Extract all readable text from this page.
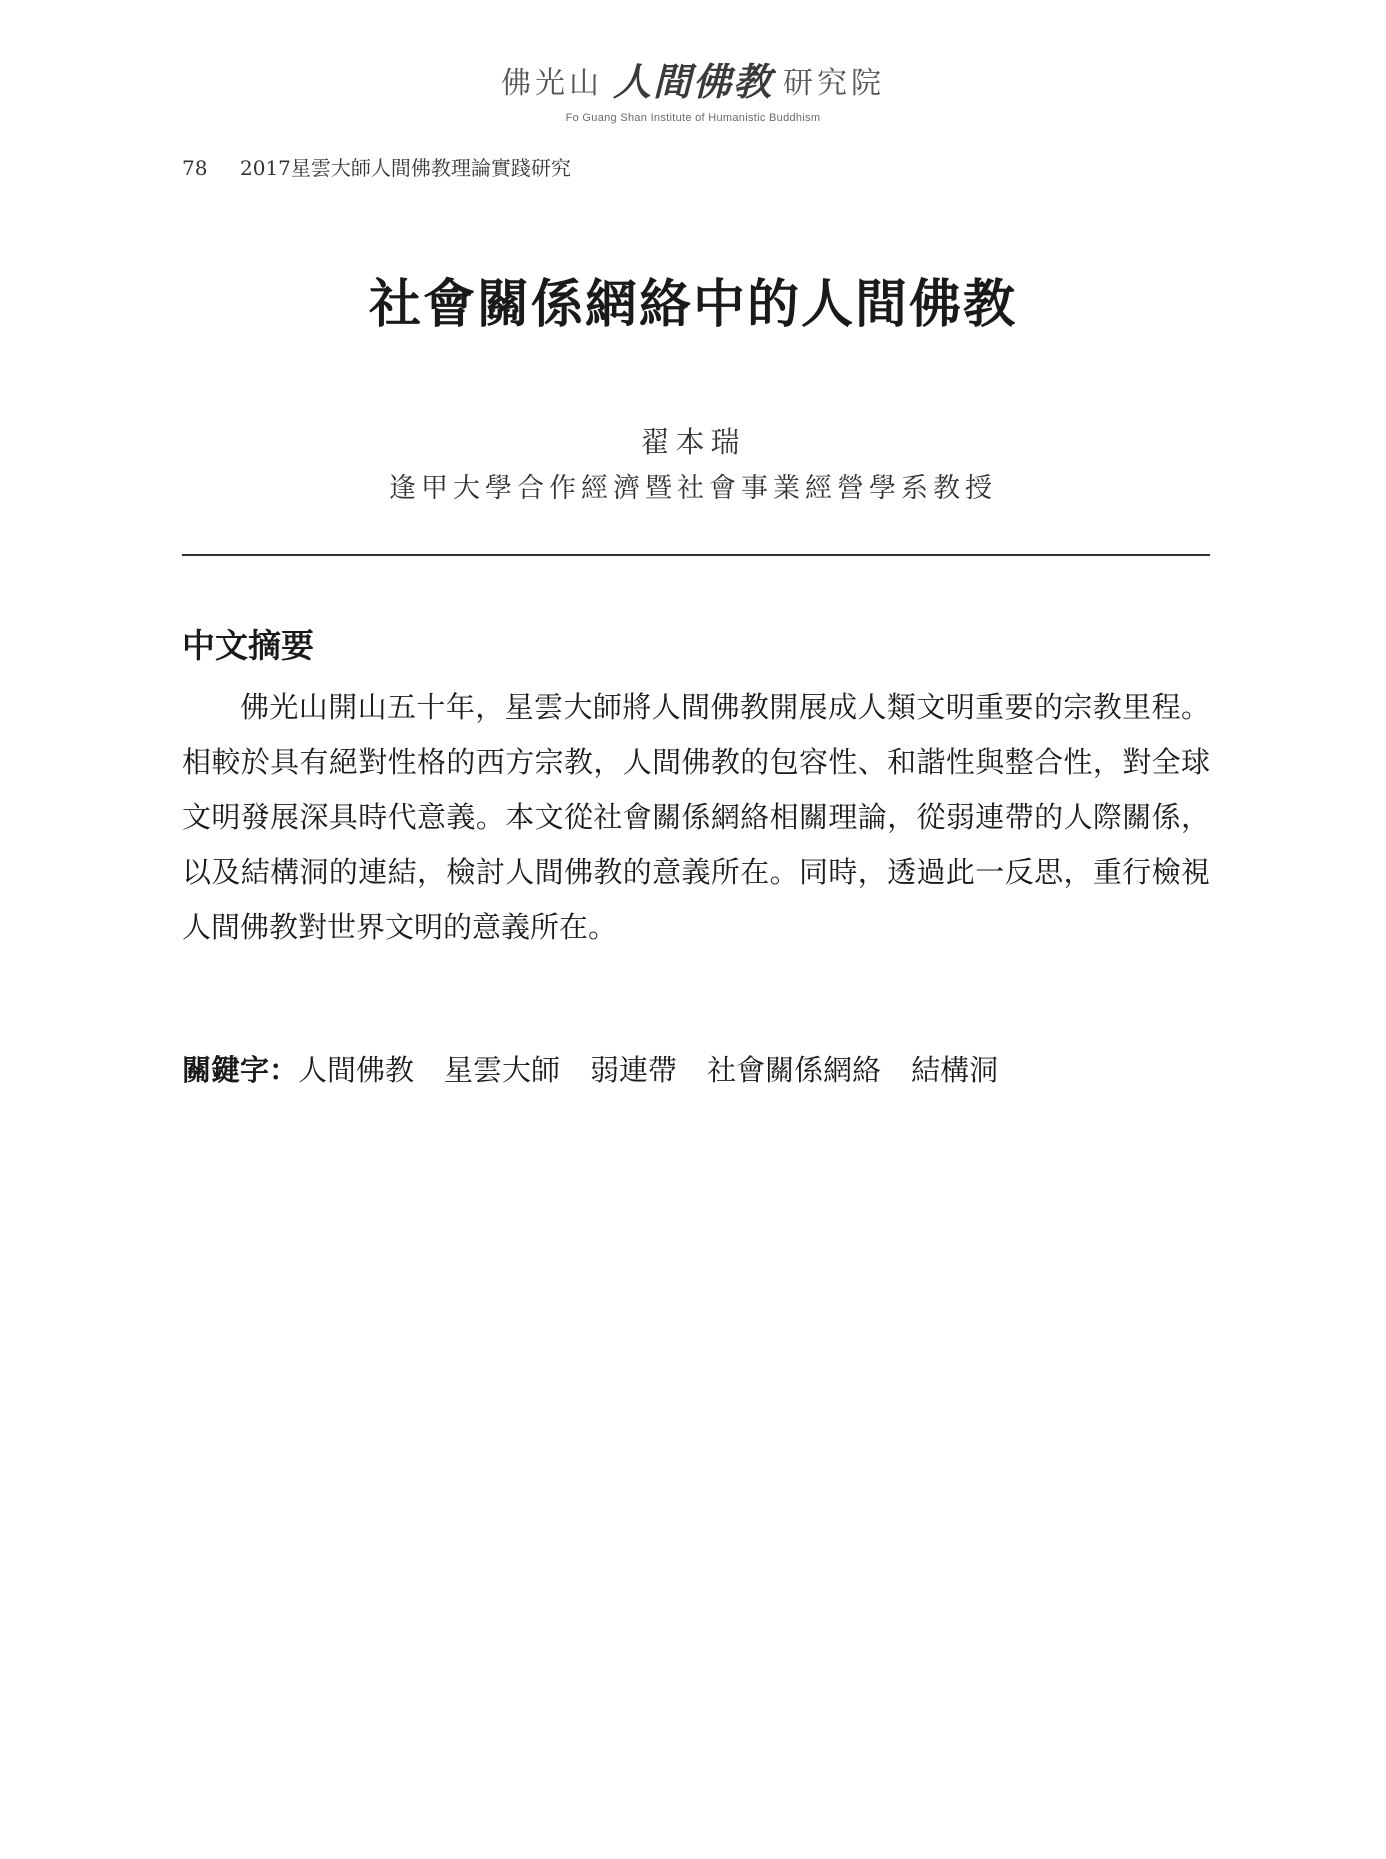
佛光山 人間佛教 研究院
Fo Guang Shan Institute of Humanistic Buddhism
78 2017星雲大師人間佛教理論實踐研究
社會關係網絡中的人間佛教
翟本瑞
逢甲大學合作經濟暨社會事業經營學系教授
中文摘要
佛光山開山五十年，星雲大師將人間佛教開展成人類文明重要的宗教里程。相較於具有絕對性格的西方宗教，人間佛教的包容性、和諧性與整合性，對全球文明發展深具時代意義。本文從社會關係網絡相關理論，從弱連帶的人際關係，以及結構洞的連結，檢討人間佛教的意義所在。同時，透過此一反思，重行檢視人間佛教對世界文明的意義所在。
關鍵字：人間佛教 星雲大師 弱連帶 社會關係網絡 結構洞
